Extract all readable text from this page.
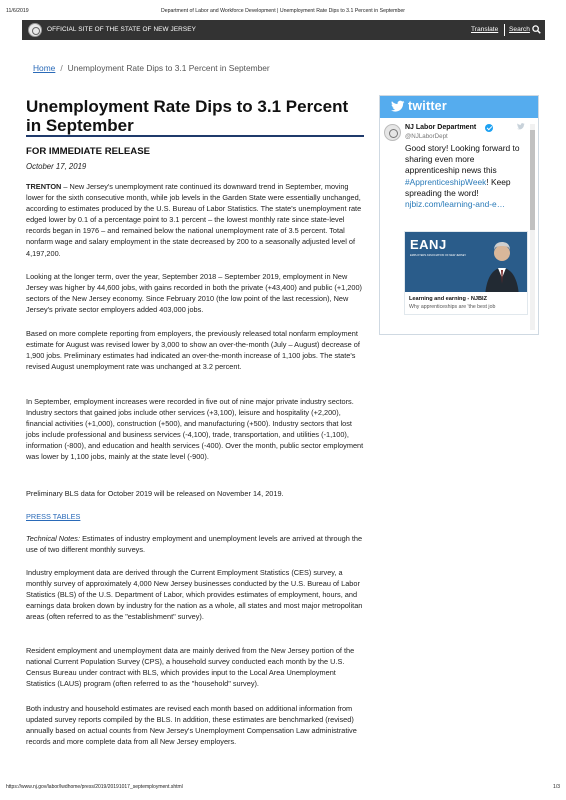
11/6/2019	Department of Labor and Workforce Development | Unemployment Rate Dips to 3.1 Percent in September
OFFICIAL SITE OF THE STATE OF NEW JERSEY	Translate Search
Home / Unemployment Rate Dips to 3.1 Percent in September
Unemployment Rate Dips to 3.1 Percent in September
FOR IMMEDIATE RELEASE
October 17, 2019

TRENTON – New Jersey's unemployment rate continued its downward trend in September, moving lower for the sixth consecutive month, while job levels in the Garden State were essentially unchanged, according to estimates produced by the U.S. Bureau of Labor Statistics. The state's unemployment rate edged lower by 0.1 of a percentage point to 3.1 percent – the lowest monthly rate since state-level records began in 1976 – and remained below the national unemployment rate of 3.5 percent. Total nonfarm wage and salary employment in the state decreased by 200 to a seasonally adjusted level of 4,197,200.

Looking at the longer term, over the year, September 2018 – September 2019, employment in New Jersey was higher by 44,600 jobs, with gains recorded in both the private (+43,400) and public (+1,200) sectors of the New Jersey economy. Since February 2010 (the low point of the last recession), New Jersey's private sector employers added 403,000 jobs.

Based on more complete reporting from employers, the previously released total nonfarm employment estimate for August was revised lower by 3,000 to show an over-the-month (July – August) decrease of 1,900 jobs. Preliminary estimates had indicated an over-the-month increase of 1,100 jobs. The state's revised August unemployment rate was unchanged at 3.2 percent.

In September, employment increases were recorded in five out of nine major private industry sectors. Industry sectors that gained jobs include other services (+3,100), leisure and hospitality (+2,200), financial activities (+1,000), construction (+500), and manufacturing (+500). Industry sectors that lost jobs include professional and business services (-4,100), trade, transportation, and utilities (-1,100), information (-800), and education and health services (-400). Over the month, public sector employment was lower by 1,100 jobs, mainly at the state level (-900).

Preliminary BLS data for October 2019 will be released on November 14, 2019.

PRESS TABLES

Technical Notes: Estimates of industry employment and unemployment levels are arrived at through the use of two different monthly surveys.

Industry employment data are derived through the Current Employment Statistics (CES) survey, a monthly survey of approximately 4,000 New Jersey businesses conducted by the U.S. Bureau of Labor Statistics (BLS) of the U.S. Department of Labor, which provides estimates of employment, hours, and earnings data broken down by industry for the nation as a whole, all states and most major metropolitan areas (often referred to as the "establishment" survey).

Resident employment and unemployment data are mainly derived from the New Jersey portion of the national Current Population Survey (CPS), a household survey conducted each month by the U.S. Census Bureau under contract with BLS, which provides input to the Local Area Unemployment Statistics (LAUS) program (often referred to as the "household" survey).

Both industry and household estimates are revised each month based on additional information from updated survey reports compiled by the BLS. In addition, these estimates are benchmarked (revised) annually based on actual counts from New Jersey's Unemployment Compensation Law administrative records and more complete data from all New Jersey employers.

twitter
NJ Labor Department
@NJLaborDept
Good story! Looking forward to sharing even more apprenticeship news this #ApprenticeshipWeek! Keep spreading the word! njbiz.com/learning-and-e…
EANJ
EMPLOYERS ASSOCIATION OF NEW JERSEY
Learning and earning - NJBIZ
Why apprenticeships are 'the best job
https://www.nj.gov/labor/lwdhome/press/2019/20191017_septemployment.shtml	1/3
